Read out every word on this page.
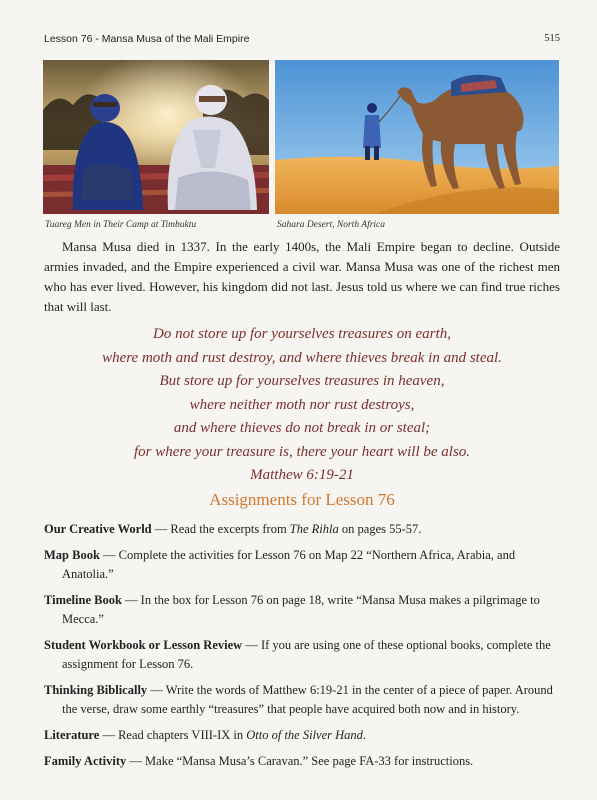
Lesson 76 - Mansa Musa of the Mali Empire	515
Tuareg Men in Their Camp at Timbuktu	Sahara Desert, North Africa

Mansa Musa died in 1337. In the early 1400s, the Mali Empire began to decline. Outside armies invaded, and the Empire experienced a civil war. Mansa Musa was one of the richest men who has ever lived. However, his kingdom did not last. Jesus told us where we can find true riches that will last.

Do not store up for yourselves treasures on earth,
where moth and rust destroy, and where thieves break in and steal.
But store up for yourselves treasures in heaven,
where neither moth nor rust destroys,
and where thieves do not break in or steal;
for where your treasure is, there your heart will be also.
Matthew 6:19-21
Assignments for Lesson 76
Our Creative World — Read the excerpts from The Rihla on pages 55-57.
Map Book — Complete the activities for Lesson 76 on Map 22 “Northern Africa, Arabia, and Anatolia.”
Timeline Book — In the box for Lesson 76 on page 18, write “Mansa Musa makes a pilgrimage to Mecca.”
Student Workbook or Lesson Review — If you are using one of these optional books, complete the assignment for Lesson 76.
Thinking Biblically — Write the words of Matthew 6:19-21 in the center of a piece of paper. Around the verse, draw some earthly “treasures” that people have acquired both now and in history.
Literature — Read chapters VIII-IX in Otto of the Silver Hand.
Family Activity — Make “Mansa Musa’s Caravan.” See page FA-33 for instructions.
